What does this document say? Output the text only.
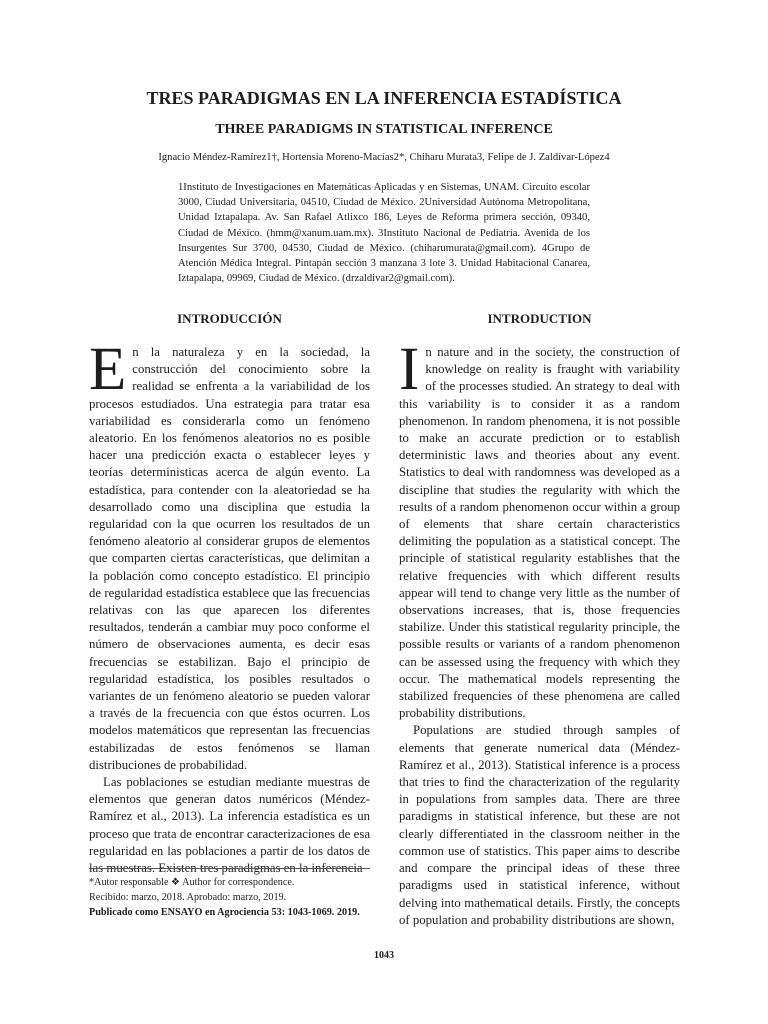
TRES PARADIGMAS EN LA INFERENCIA ESTADÍSTICA
THREE PARADIGMS IN STATISTICAL INFERENCE
Ignacio Méndez-Ramírez1†, Hortensia Moreno-Macías2*, Chiharu Murata3, Felipe de J. Zaldívar-López4
1Instituto de Investigaciones en Matemáticas Aplicadas y en Sistemas, UNAM. Circuito escolar 3000, Ciudad Universitaria, 04510, Ciudad de México. 2Universidad Autónoma Metropolitana, Unidad Iztapalapa. Av. San Rafael Atlixco 186, Leyes de Reforma primera sección, 09340, Ciudad de México. (hmm@xanum.uam.mx). 3Instituto Nacional de Pediatría. Avenida de los Insurgentes Sur 3700, 04530, Ciudad de México. (chiharumurata@gmail.com). 4Grupo de Atención Médica Integral. Pintapán sección 3 manzana 3 lote 3. Unidad Habitacional Canarea, Iztapalapa, 09969, Ciudad de México. (drzaldivar2@gmail.com).
INTRODUCCIÓN

En la naturaleza y en la sociedad, la construcción del conocimiento sobre la realidad se enfrenta a la variabilidad de los procesos estudiados. Una estrategia para tratar esa variabilidad es considerarla como un fenómeno aleatorio. En los fenómenos aleatorios no es posible hacer una predicción exacta o establecer leyes y teorías deterministicas acerca de algún evento. La estadística, para contender con la aleatoriedad se ha desarrollado como una disciplina que estudia la regularidad con la que ocurren los resultados de un fenómeno aleatorio al considerar grupos de elementos que comparten ciertas características, que delimitan a la población como concepto estadístico. El principio de regularidad estadística establece que las frecuencias relativas con las que aparecen los diferentes resultados, tenderán a cambiar muy poco conforme el número de observaciones aumenta, es decir esas frecuencias se estabilizan. Bajo el principio de regularidad estadística, los posibles resultados o variantes de un fenómeno aleatorio se pueden valorar a través de la frecuencia con que éstos ocurren. Los modelos matemáticos que representan las frecuencias estabilizadas de estos fenómenos se llaman distribuciones de probabilidad.

Las poblaciones se estudian mediante muestras de elementos que generan datos numéricos (Méndez-Ramírez et al., 2013). La inferencia estadística es un proceso que trata de encontrar caracterizaciones de esa regularidad en las poblaciones a partir de los datos de las muestras. Existen tres paradigmas en la inferencia

INTRODUCTION

In nature and in the society, the construction of knowledge on reality is fraught with variability of the processes studied. An strategy to deal with this variability is to consider it as a random phenomenon. In random phenomena, it is not possible to make an accurate prediction or to establish deterministic laws and theories about any event. Statistics to deal with randomness was developed as a discipline that studies the regularity with which the results of a random phenomenon occur within a group of elements that share certain characteristics delimiting the population as a statistical concept. The principle of statistical regularity establishes that the relative frequencies with which different results appear will tend to change very little as the number of observations increases, that is, those frequencies stabilize. Under this statistical regularity principle, the possible results or variants of a random phenomenon can be assessed using the frequency with which they occur. The mathematical models representing the stabilized frequencies of these phenomena are called probability distributions.

Populations are studied through samples of elements that generate numerical data (Méndez-Ramírez et al., 2013). Statistical inference is a process that tries to find the characterization of the regularity in populations from samples data. There are three paradigms in statistical inference, but these are not clearly differentiated in the classroom neither in the common use of statistics. This paper aims to describe and compare the principal ideas of these three paradigms used in statistical inference, without delving into mathematical details. Firstly, the concepts of population and probability distributions are shown,

*Autor responsable ❖ Author for correspondence.
Recibido: marzo, 2018. Aprobado: marzo, 2019.
Publicado como ENSAYO en Agrociencia 53: 1043-1069. 2019.
1043
